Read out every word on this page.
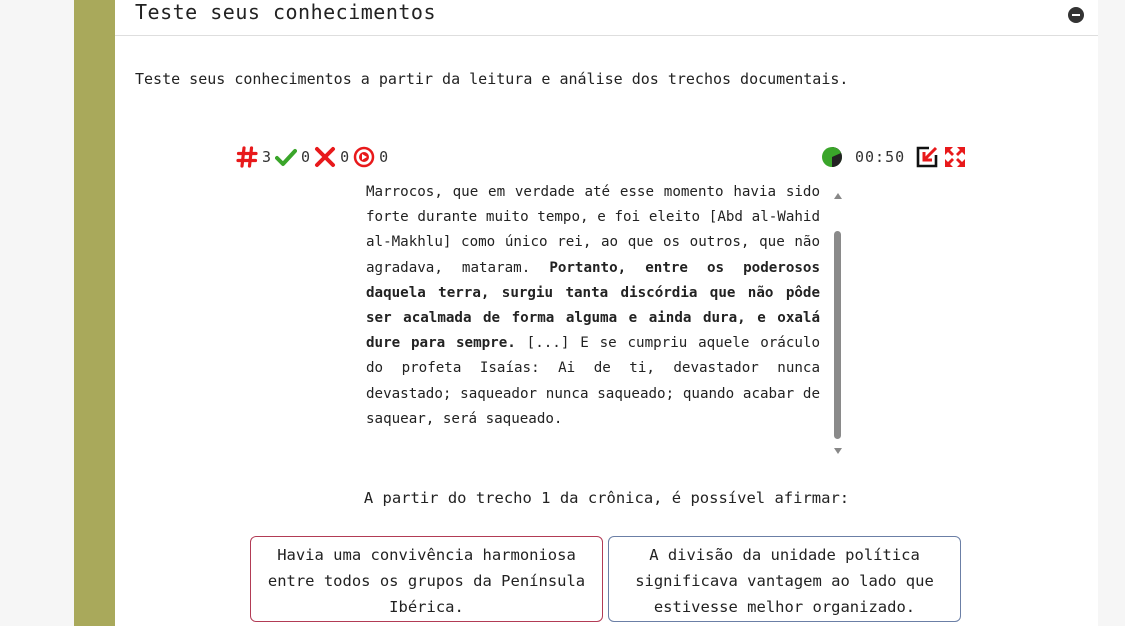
Teste seus conhecimentos
Teste seus conhecimentos a partir da leitura e análise dos trechos documentais.
3 0 0 0	00:50
Marrocos, que em verdade até esse momento havia sido forte durante muito tempo, e foi eleito [Abd al-Wahid al-Makhlu] como único rei, ao que os outros, que não agradava, mataram. Portanto, entre os poderosos daquela terra, surgiu tanta discórdia que não pôde ser acalmada de forma alguma e ainda dura, e oxalá dure para sempre. [...] E se cumpriu aquele oráculo do profeta Isaías: Ai de ti, devastador nunca devastado; saqueador nunca saqueado; quando acabar de saquear, será saqueado.
A partir do trecho 1 da crônica, é possível afirmar:
Havia uma convivência harmoniosa entre todos os grupos da Península Ibérica.
A divisão da unidade política significava vantagem ao lado que estivesse melhor organizado.
